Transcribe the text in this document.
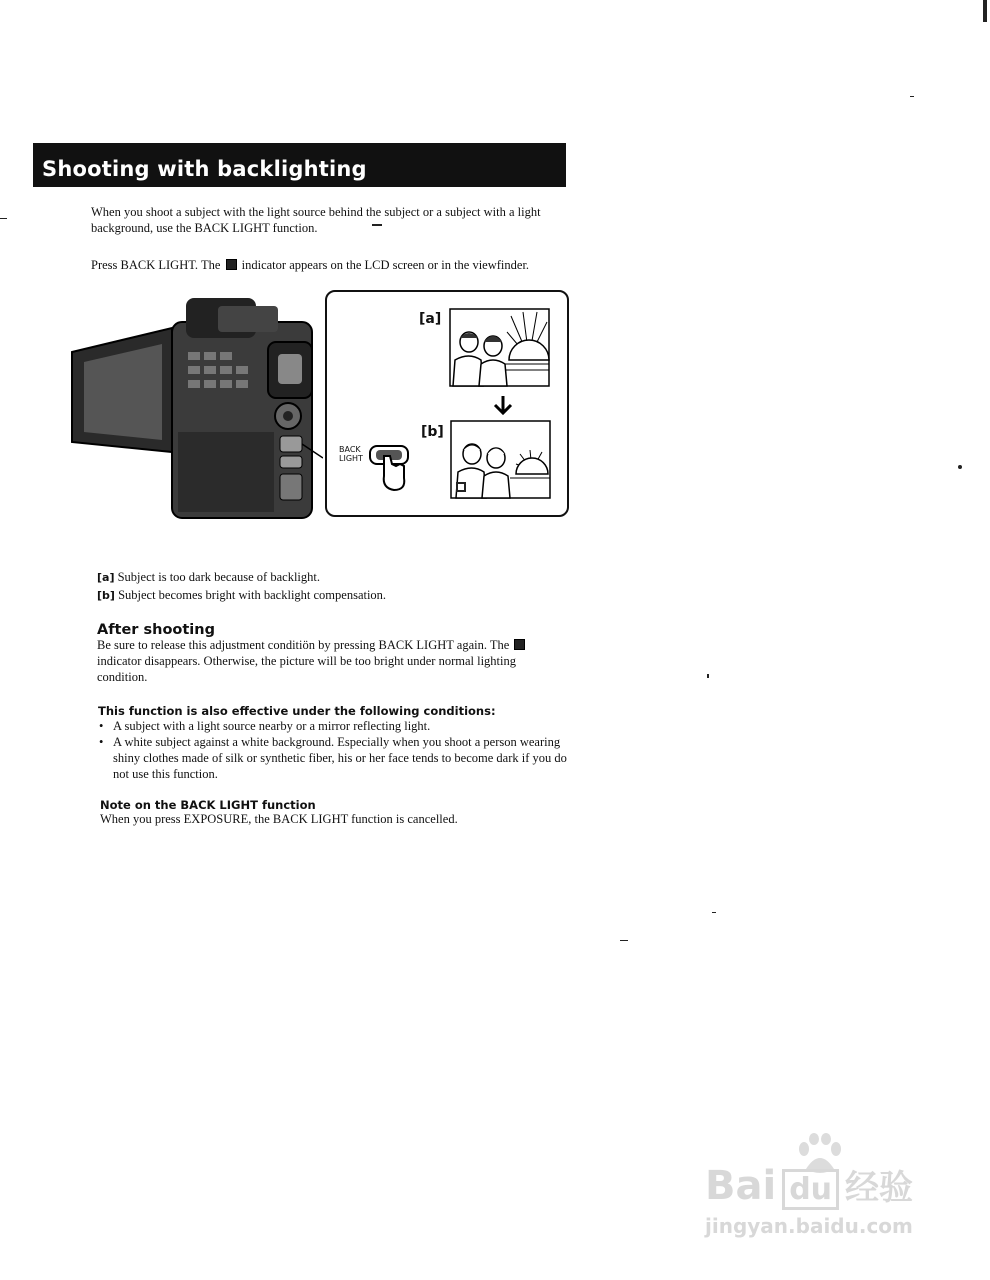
Shooting with backlighting
When you shoot a subject with the light source behind the subject or a subject with a light background, use the BACK LIGHT function.
Press BACK LIGHT. The indicator appears on the LCD screen or in the viewfinder.
[a]
[b]
BACK
LIGHT
[a] Subject is too dark because of backlight.
[b] Subject becomes bright with backlight compensation.
After shooting
Be sure to release this adjustment conditiön by pressing BACK LIGHT again. The  indicator disappears. Otherwise, the picture will be too bright under normal lighting condition.
This function is also effective under the following conditions:
• A subject with a light source nearby or a mirror reflecting light.
• A white subject against a white background. Especially when you shoot a person wearing shiny clothes made of silk or synthetic fiber, his or her face tends to become dark if you do not use this function.
Note on the BACK LIGHT function
When you press EXPOSURE, the BACK LIGHT function is cancelled.
Bai du 经验
jingyan.baidu.com
